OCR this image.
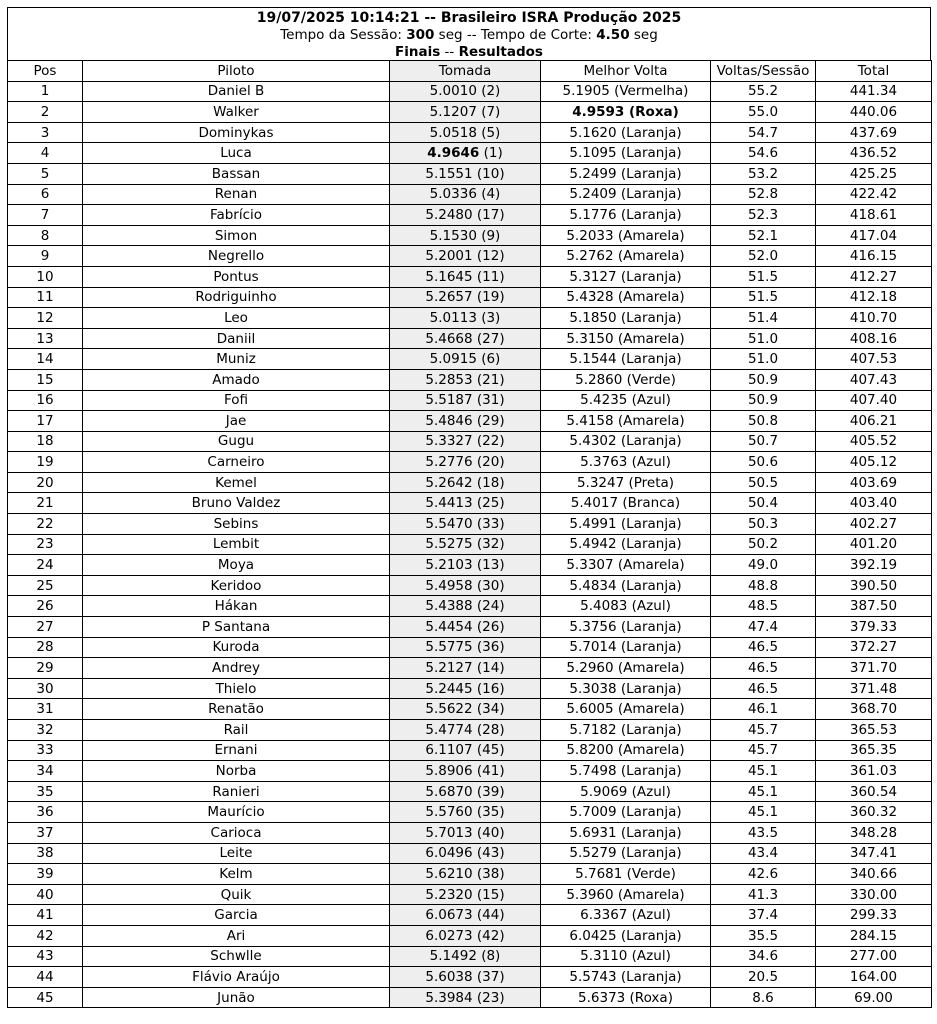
19/07/2025 10:14:21 -- Brasileiro ISRA Produção 2025
Tempo da Sessão: 300 seg -- Tempo de Corte: 4.50 seg
Finais -- Resultados
Pos	Piloto	Tomada	Melhor Volta	Voltas/Sessão	Total
1	Daniel B	5.0010 (2)	5.1905 (Vermelha)	55.2	441.34
2	Walker	5.1207 (7)	4.9593 (Roxa)	55.0	440.06
3	Dominykas	5.0518 (5)	5.1620 (Laranja)	54.7	437.69
4	Luca	4.9646 (1)	5.1095 (Laranja)	54.6	436.52
5	Bassan	5.1551 (10)	5.2499 (Laranja)	53.2	425.25
6	Renan	5.0336 (4)	5.2409 (Laranja)	52.8	422.42
7	Fabrício	5.2480 (17)	5.1776 (Laranja)	52.3	418.61
8	Simon	5.1530 (9)	5.2033 (Amarela)	52.1	417.04
9	Negrello	5.2001 (12)	5.2762 (Amarela)	52.0	416.15
10	Pontus	5.1645 (11)	5.3127 (Laranja)	51.5	412.27
11	Rodriguinho	5.2657 (19)	5.4328 (Amarela)	51.5	412.18
12	Leo	5.0113 (3)	5.1850 (Laranja)	51.4	410.70
13	Daniil	5.4668 (27)	5.3150 (Amarela)	51.0	408.16
14	Muniz	5.0915 (6)	5.1544 (Laranja)	51.0	407.53
15	Amado	5.2853 (21)	5.2860 (Verde)	50.9	407.43
16	Fofi	5.5187 (31)	5.4235 (Azul)	50.9	407.40
17	Jae	5.4846 (29)	5.4158 (Amarela)	50.8	406.21
18	Gugu	5.3327 (22)	5.4302 (Laranja)	50.7	405.52
19	Carneiro	5.2776 (20)	5.3763 (Azul)	50.6	405.12
20	Kemel	5.2642 (18)	5.3247 (Preta)	50.5	403.69
21	Bruno Valdez	5.4413 (25)	5.4017 (Branca)	50.4	403.40
22	Sebins	5.5470 (33)	5.4991 (Laranja)	50.3	402.27
23	Lembit	5.5275 (32)	5.4942 (Laranja)	50.2	401.20
24	Moya	5.2103 (13)	5.3307 (Amarela)	49.0	392.19
25	Keridoo	5.4958 (30)	5.4834 (Laranja)	48.8	390.50
26	Hákan	5.4388 (24)	5.4083 (Azul)	48.5	387.50
27	P Santana	5.4454 (26)	5.3756 (Laranja)	47.4	379.33
28	Kuroda	5.5775 (36)	5.7014 (Laranja)	46.5	372.27
29	Andrey	5.2127 (14)	5.2960 (Amarela)	46.5	371.70
30	Thielo	5.2445 (16)	5.3038 (Laranja)	46.5	371.48
31	Renatão	5.5622 (34)	5.6005 (Amarela)	46.1	368.70
32	Rail	5.4774 (28)	5.7182 (Laranja)	45.7	365.53
33	Ernani	6.1107 (45)	5.8200 (Amarela)	45.7	365.35
34	Norba	5.8906 (41)	5.7498 (Laranja)	45.1	361.03
35	Ranieri	5.6870 (39)	5.9069 (Azul)	45.1	360.54
36	Maurício	5.5760 (35)	5.7009 (Laranja)	45.1	360.32
37	Carioca	5.7013 (40)	5.6931 (Laranja)	43.5	348.28
38	Leite	6.0496 (43)	5.5279 (Laranja)	43.4	347.41
39	Kelm	5.6210 (38)	5.7681 (Verde)	42.6	340.66
40	Quik	5.2320 (15)	5.3960 (Amarela)	41.3	330.00
41	Garcia	6.0673 (44)	6.3367 (Azul)	37.4	299.33
42	Ari	6.0273 (42)	6.0425 (Laranja)	35.5	284.15
43	Schwlle	5.1492 (8)	5.3110 (Azul)	34.6	277.00
44	Flávio Araújo	5.6038 (37)	5.5743 (Laranja)	20.5	164.00
45	Junão	5.3984 (23)	5.6373 (Roxa)	8.6	69.00
